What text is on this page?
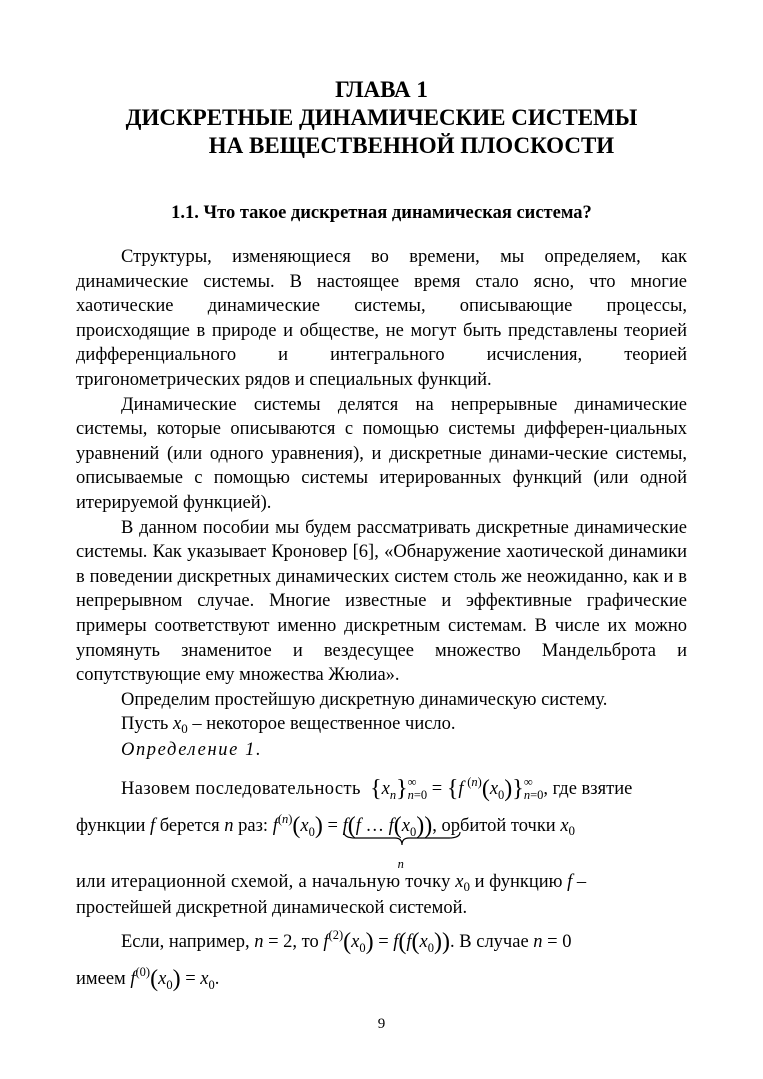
ГЛАВА 1
ДИСКРЕТНЫЕ ДИНАМИЧЕСКИЕ СИСТЕМЫ
НА ВЕЩЕСТВЕННОЙ ПЛОСКОСТИ
1.1. Что такое дискретная динамическая система?

Структуры, изменяющиеся во времени, мы определяем, как динамические системы. В настоящее время стало ясно, что многие хаотические динамические системы, описывающие процессы, происходящие в природе и обществе, не могут быть представлены теорией дифференциального и интегрального исчисления, теорией тригонометрических рядов и специальных функций.

Динамические системы делятся на непрерывные динамические системы, которые описываются с помощью системы дифферен-циальных уравнений (или одного уравнения), и дискретные динами-ческие системы, описываемые с помощью системы итерированных функций (или одной итерируемой функцией).

В данном пособии мы будем рассматривать дискретные динамические системы. Как указывает Кроновер [6], «Обнаружение хаотической динамики в поведении дискретных динамических систем столь же неожиданно, как и в непрерывном случае. Многие известные и эффективные графические примеры соответствуют именно дискретным системам. В числе их можно упомянуть знаменитое и вездесущее множество Мандельброта и сопутствующие ему множества Жюлиа».

Определим простейшую дискретную динамическую систему.

Пусть $x_0$ – некоторое вещественное число.

Определение 1.

Назовем последовательность $\{x_n\}\infty$
n=0 = {f  $^{(n)}(x_0)\}\infty$
n=0, где взятие

функции f берется n раз: $f^{(n)}(x_0) = f(f$ … $f(x_0)$)
n
, орбитой точки $x_0$

или итерационной схемой, а начальную точку $x_0$ и функцию f –

простейшей дискретной динамической системой.

Если, например, n = 2, то $f^{(2)}(x_0) = f(f(x_0))$. В случае n = 0

имеем $f^{(0)}(x_0) = x_0$.

9
